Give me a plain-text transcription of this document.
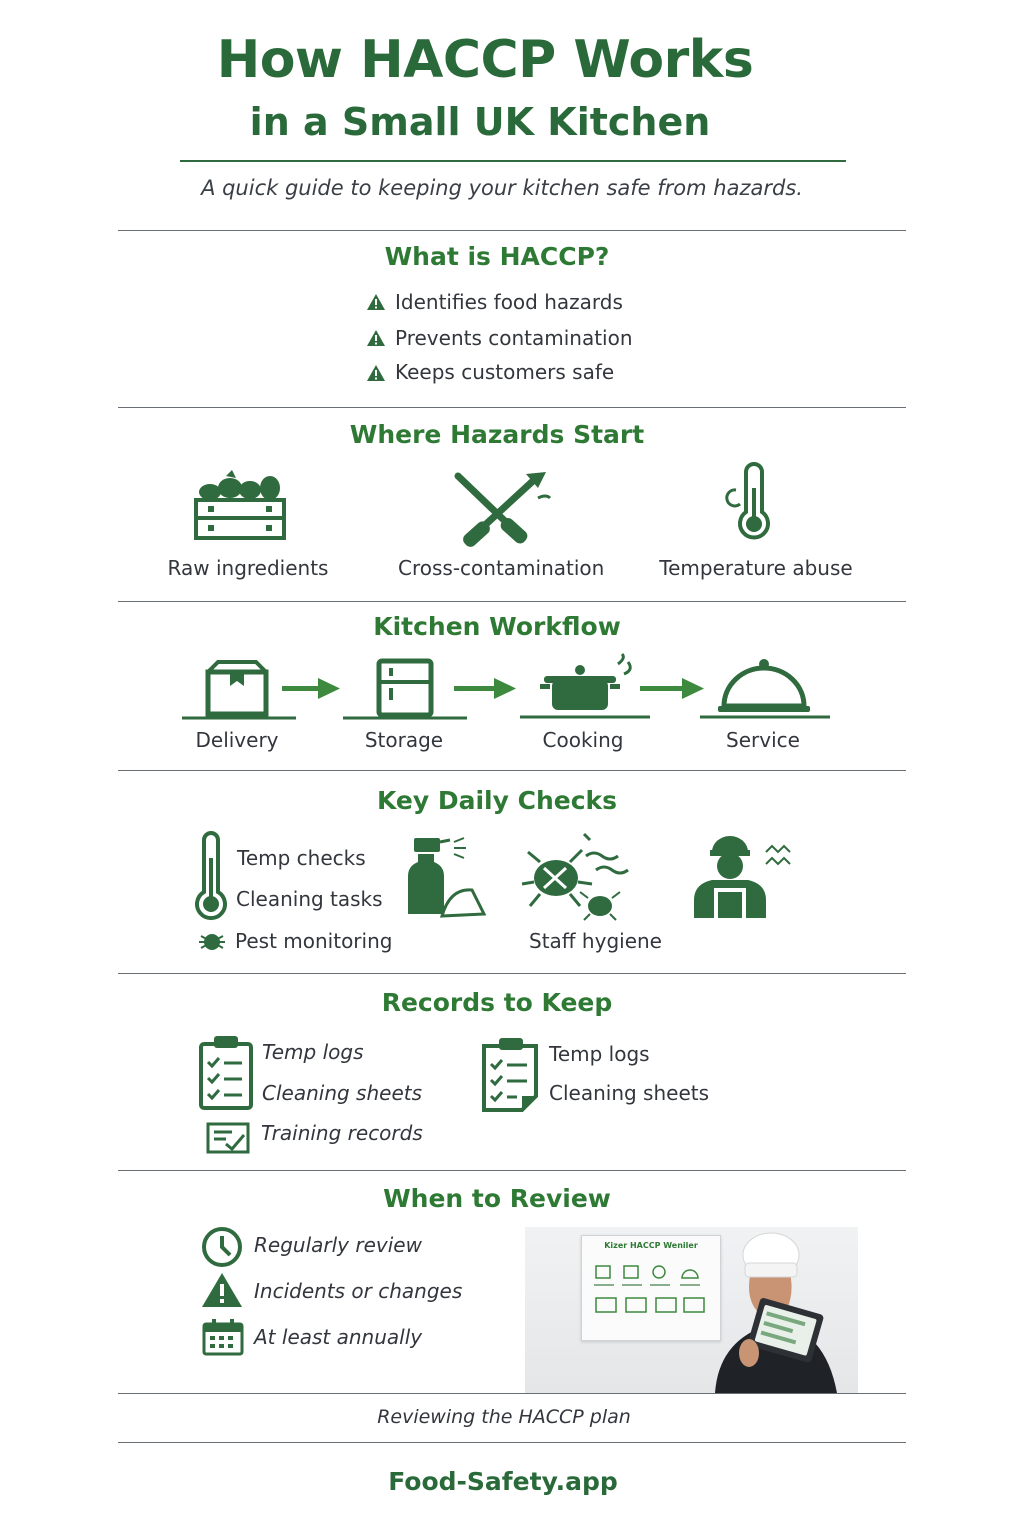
How HACCP Works
in a Small UK Kitchen
A quick guide to keeping your kitchen safe from hazards.
What is HACCP?
Identifies food hazards
Prevents contamination
Keeps customers safe
Where Hazards Start
Raw ingredients	Cross-contamination	Temperature abuse
Kitchen Workflow
Delivery	Storage	Cooking	Service
Key Daily Checks
Temp checks
Cleaning tasks
Pest monitoring	Staff hygiene
Records to Keep
Temp logs
Cleaning sheets
Training records
Temp logs
Cleaning sheets
When to Review
Regularly review
Incidents or changes
At least annually
Kizer HACCP Weniler
Reviewing the HACCP plan
Food-Safety.app
